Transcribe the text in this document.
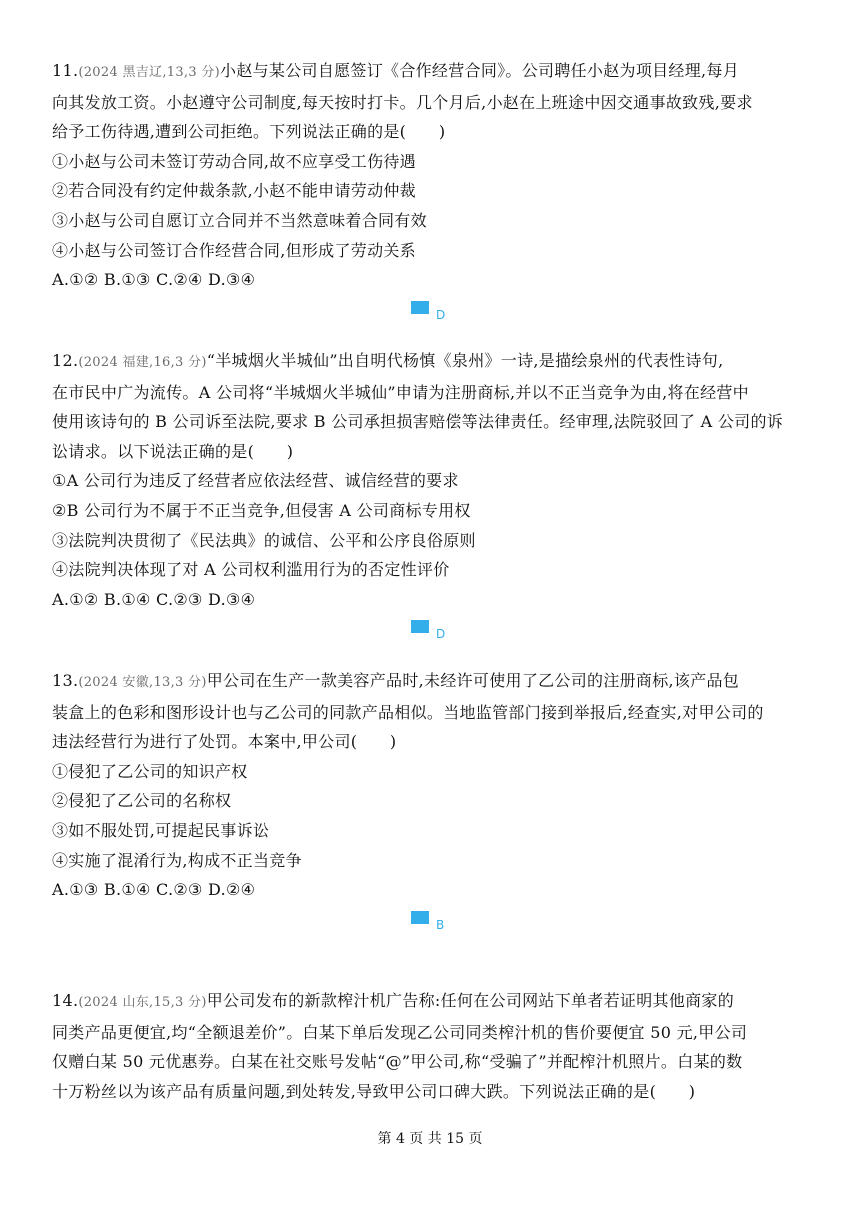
11.(2024 黑吉辽,13,3 分)小赵与某公司自愿签订《合作经营合同》。公司聘任小赵为项目经理,每月
向其发放工资。小赵遵守公司制度,每天按时打卡。几个月后,小赵在上班途中因交通事故致残,要求
给予工伤待遇,遭到公司拒绝。下列说法正确的是(　　)
①小赵与公司未签订劳动合同,故不应享受工伤待遇
②若合同没有约定仲裁条款,小赵不能申请劳动仲裁
③小赵与公司自愿订立合同并不当然意味着合同有效
④小赵与公司签订合作经营合同,但形成了劳动关系
A.①② B.①③ C.②④ D.③④
D
12.(2024 福建,16,3 分)“半城烟火半城仙”出自明代杨慎《泉州》一诗,是描绘泉州的代表性诗句,
在市民中广为流传。A 公司将“半城烟火半城仙”申请为注册商标,并以不正当竞争为由,将在经营中
使用该诗句的 B 公司诉至法院,要求 B 公司承担损害赔偿等法律责任。经审理,法院驳回了 A 公司的诉
讼请求。以下说法正确的是(　　)
①A 公司行为违反了经营者应依法经营、诚信经营的要求
②B 公司行为不属于不正当竞争,但侵害 A 公司商标专用权
③法院判决贯彻了《民法典》的诚信、公平和公序良俗原则
④法院判决体现了对 A 公司权利滥用行为的否定性评价
A.①② B.①④ C.②③ D.③④
D
13.(2024 安徽,13,3 分)甲公司在生产一款美容产品时,未经许可使用了乙公司的注册商标,该产品包
装盒上的色彩和图形设计也与乙公司的同款产品相似。当地监管部门接到举报后,经查实,对甲公司的
违法经营行为进行了处罚。本案中,甲公司(　　)
①侵犯了乙公司的知识产权
②侵犯了乙公司的名称权
③如不服处罚,可提起民事诉讼
④实施了混淆行为,构成不正当竞争
A.①③ B.①④ C.②③ D.②④
B
14.(2024 山东,15,3 分)甲公司发布的新款榨汁机广告称:任何在公司网站下单者若证明其他商家的
同类产品更便宜,均“全额退差价”。白某下单后发现乙公司同类榨汁机的售价要便宜 50 元,甲公司
仅赠白某 50 元优惠券。白某在社交账号发帖“@”甲公司,称“受骗了”并配榨汁机照片。白某的数
十万粉丝以为该产品有质量问题,到处转发,导致甲公司口碑大跌。下列说法正确的是(　　)
第 4 页 共 15 页
